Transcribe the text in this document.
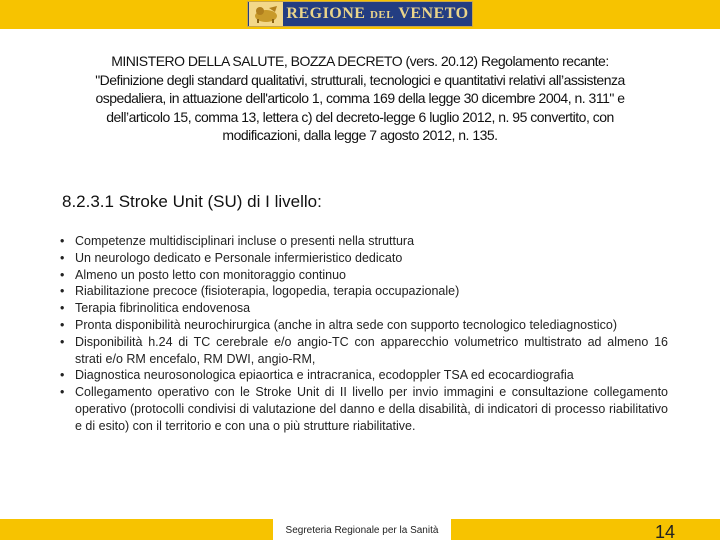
REGIONE DEL VENETO
MINISTERO DELLA SALUTE, BOZZA DECRETO (vers. 20.12) Regolamento recante:
"Definizione degli standard qualitativi, strutturali, tecnologici e quantitativi relativi all’assistenza
ospedaliera, in attuazione dell'articolo 1, comma 169 della legge 30 dicembre 2004, n. 311" e
dell’articolo 15, comma 13, lettera c) del decreto-legge 6 luglio 2012, n. 95 convertito, con
modificazioni, dalla legge 7 agosto 2012, n. 135.
8.2.3.1 Stroke Unit (SU) di I livello:
• Competenze multidisciplinari incluse o presenti nella struttura
• Un neurologo dedicato e Personale infermieristico dedicato
• Almeno un posto letto con monitoraggio continuo
• Riabilitazione precoce (fisioterapia, logopedia, terapia occupazionale)
• Terapia fibrinolitica endovenosa
• Pronta disponibilità neurochirurgica (anche in altra sede con supporto tecnologico telediagnostico)
• Disponibilità h.24 di TC cerebrale e/o angio-TC con apparecchio volumetrico multistrato ad almeno 16 strati e/o RM encefalo, RM DWI, angio-RM,
• Diagnostica neurosonologica epiaortica e intracranica, ecodoppler TSA ed ecocardiografia
• Collegamento operativo con le Stroke Unit di II livello per invio immagini e consultazione collegamento operativo (protocolli condivisi di valutazione del danno e della disabilità, di indicatori di processo riabilitativo e di esito) con il territorio e con una o più strutture riabilitative.
Segreteria Regionale per la Sanità	14
